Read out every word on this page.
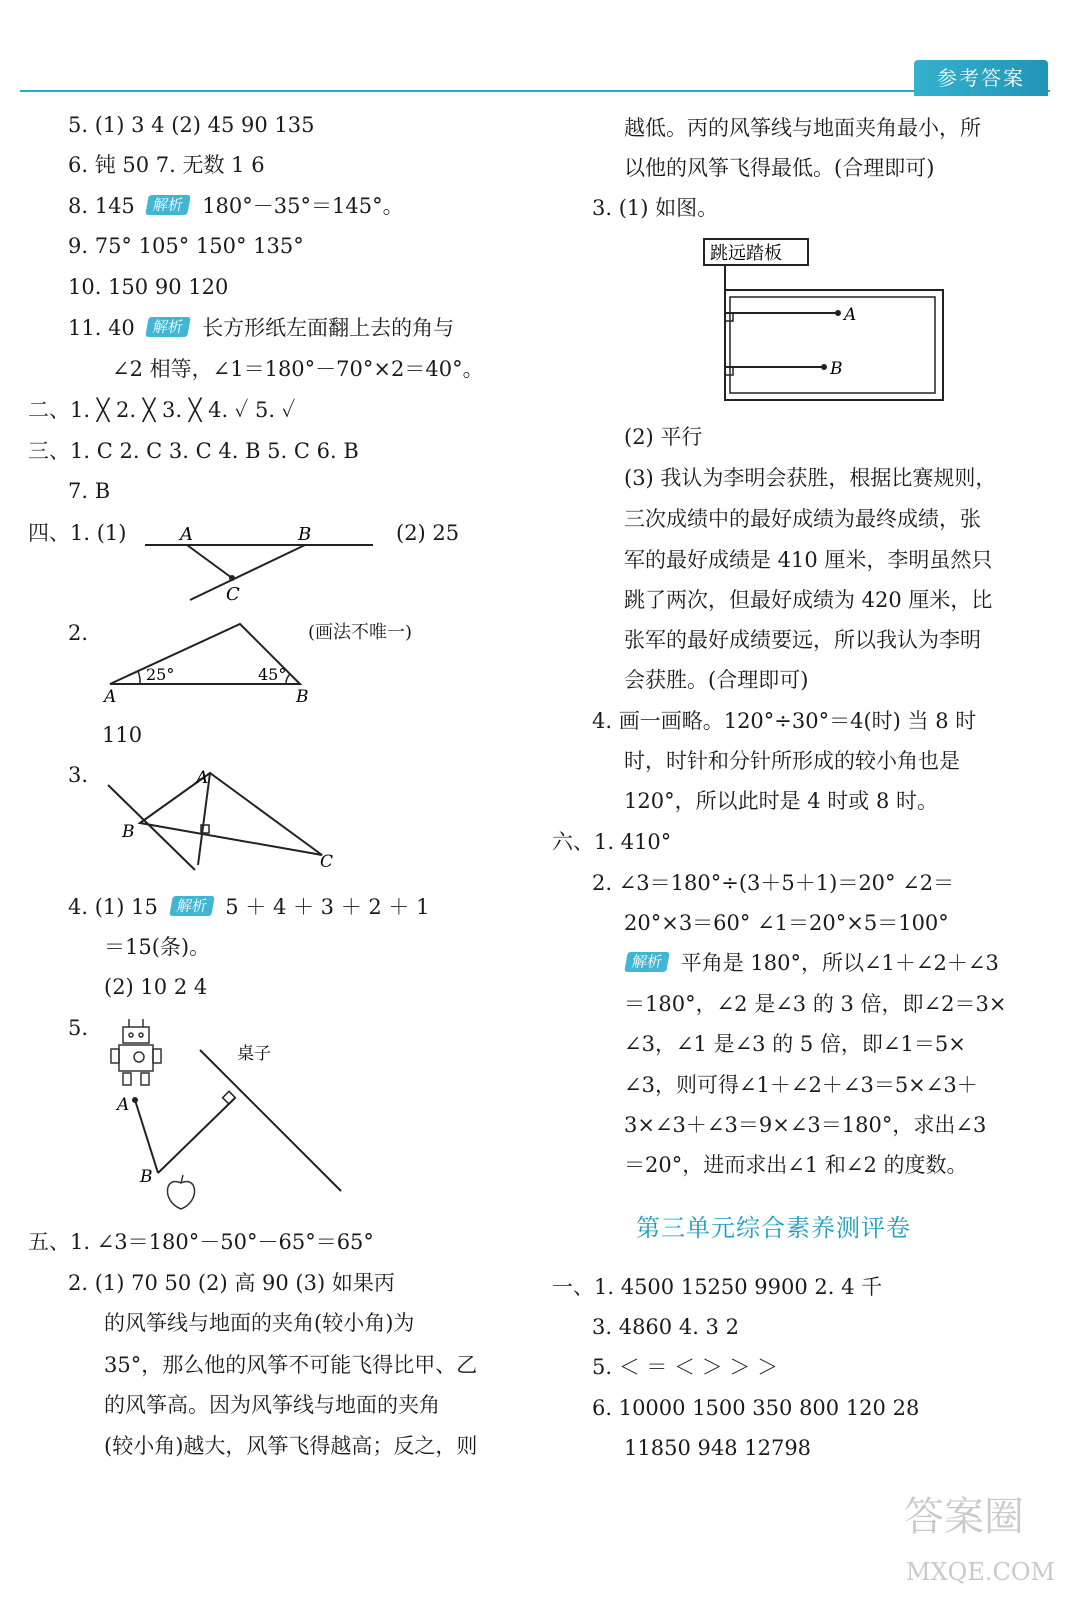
参考答案
5. (1) 3 4 (2) 45 90 135
6. 钝 50 7. 无数 1 6
8. 145 解析 180°－35°＝145°。
9. 75° 105° 150° 135°
10. 150 90 120
11. 40 解析 长方形纸左面翻上去的角与
∠2 相等，∠1＝180°－70°×2＝40°。
二、1. ╳ 2. ╳ 3. ╳ 4. ✓ 5. ✓
三、1. C 2. C 3. C 4. B 5. C 6. B
7. B
四、1. (1)	(2) 25
A	B
C
2.	(画法不唯一)
25°	45°
A	B
110
3.	A
B
C
4. (1) 15 解析 5 ＋ 4 ＋ 3 ＋ 2 ＋ 1
＝15(条)。
(2) 10 2 4
5.
A
B
桌子
五、1. ∠3＝180°－50°－65°＝65°
2. (1) 70 50 (2) 高 90 (3) 如果丙
的风筝线与地面的夹角(较小角)为
35°，那么他的风筝不可能飞得比甲、乙
的风筝高。因为风筝线与地面的夹角
(较小角)越大，风筝飞得越高；反之，则
越低。丙的风筝线与地面夹角最小，所
以他的风筝飞得最低。(合理即可)
3. (1) 如图。
跳远踏板
A
B
(2) 平行
(3) 我认为李明会获胜，根据比赛规则，
三次成绩中的最好成绩为最终成绩，张
军的最好成绩是 410 厘米，李明虽然只
跳了两次，但最好成绩为 420 厘米，比
张军的最好成绩要远，所以我认为李明
会获胜。(合理即可)
4. 画一画略。120°÷30°＝4(时) 当 8 时
时，时针和分针所形成的较小角也是
120°，所以此时是 4 时或 8 时。
六、1. 410°
2. ∠3＝180°÷(3＋5＋1)＝20° ∠2＝
20°×3＝60° ∠1＝20°×5＝100°
解析 平角是 180°，所以∠1＋∠2＋∠3
＝180°，∠2 是∠3 的 3 倍，即∠2＝3×
∠3，∠1 是∠3 的 5 倍，即∠1＝5×
∠3，则可得∠1＋∠2＋∠3＝5×∠3＋
3×∠3＋∠3＝9×∠3＝180°，求出∠3
＝20°，进而求出∠1 和∠2 的度数。
第三单元综合素养测评卷
一、1. 4500 15250 9900 2. 4 千
3. 4860 4. 3 2
5. ＜ ＝ ＜ ＞ ＞ ＞
6. 10000 1500 350 800 120 28
11850 948 12798
答案圈
MXQE.COM
